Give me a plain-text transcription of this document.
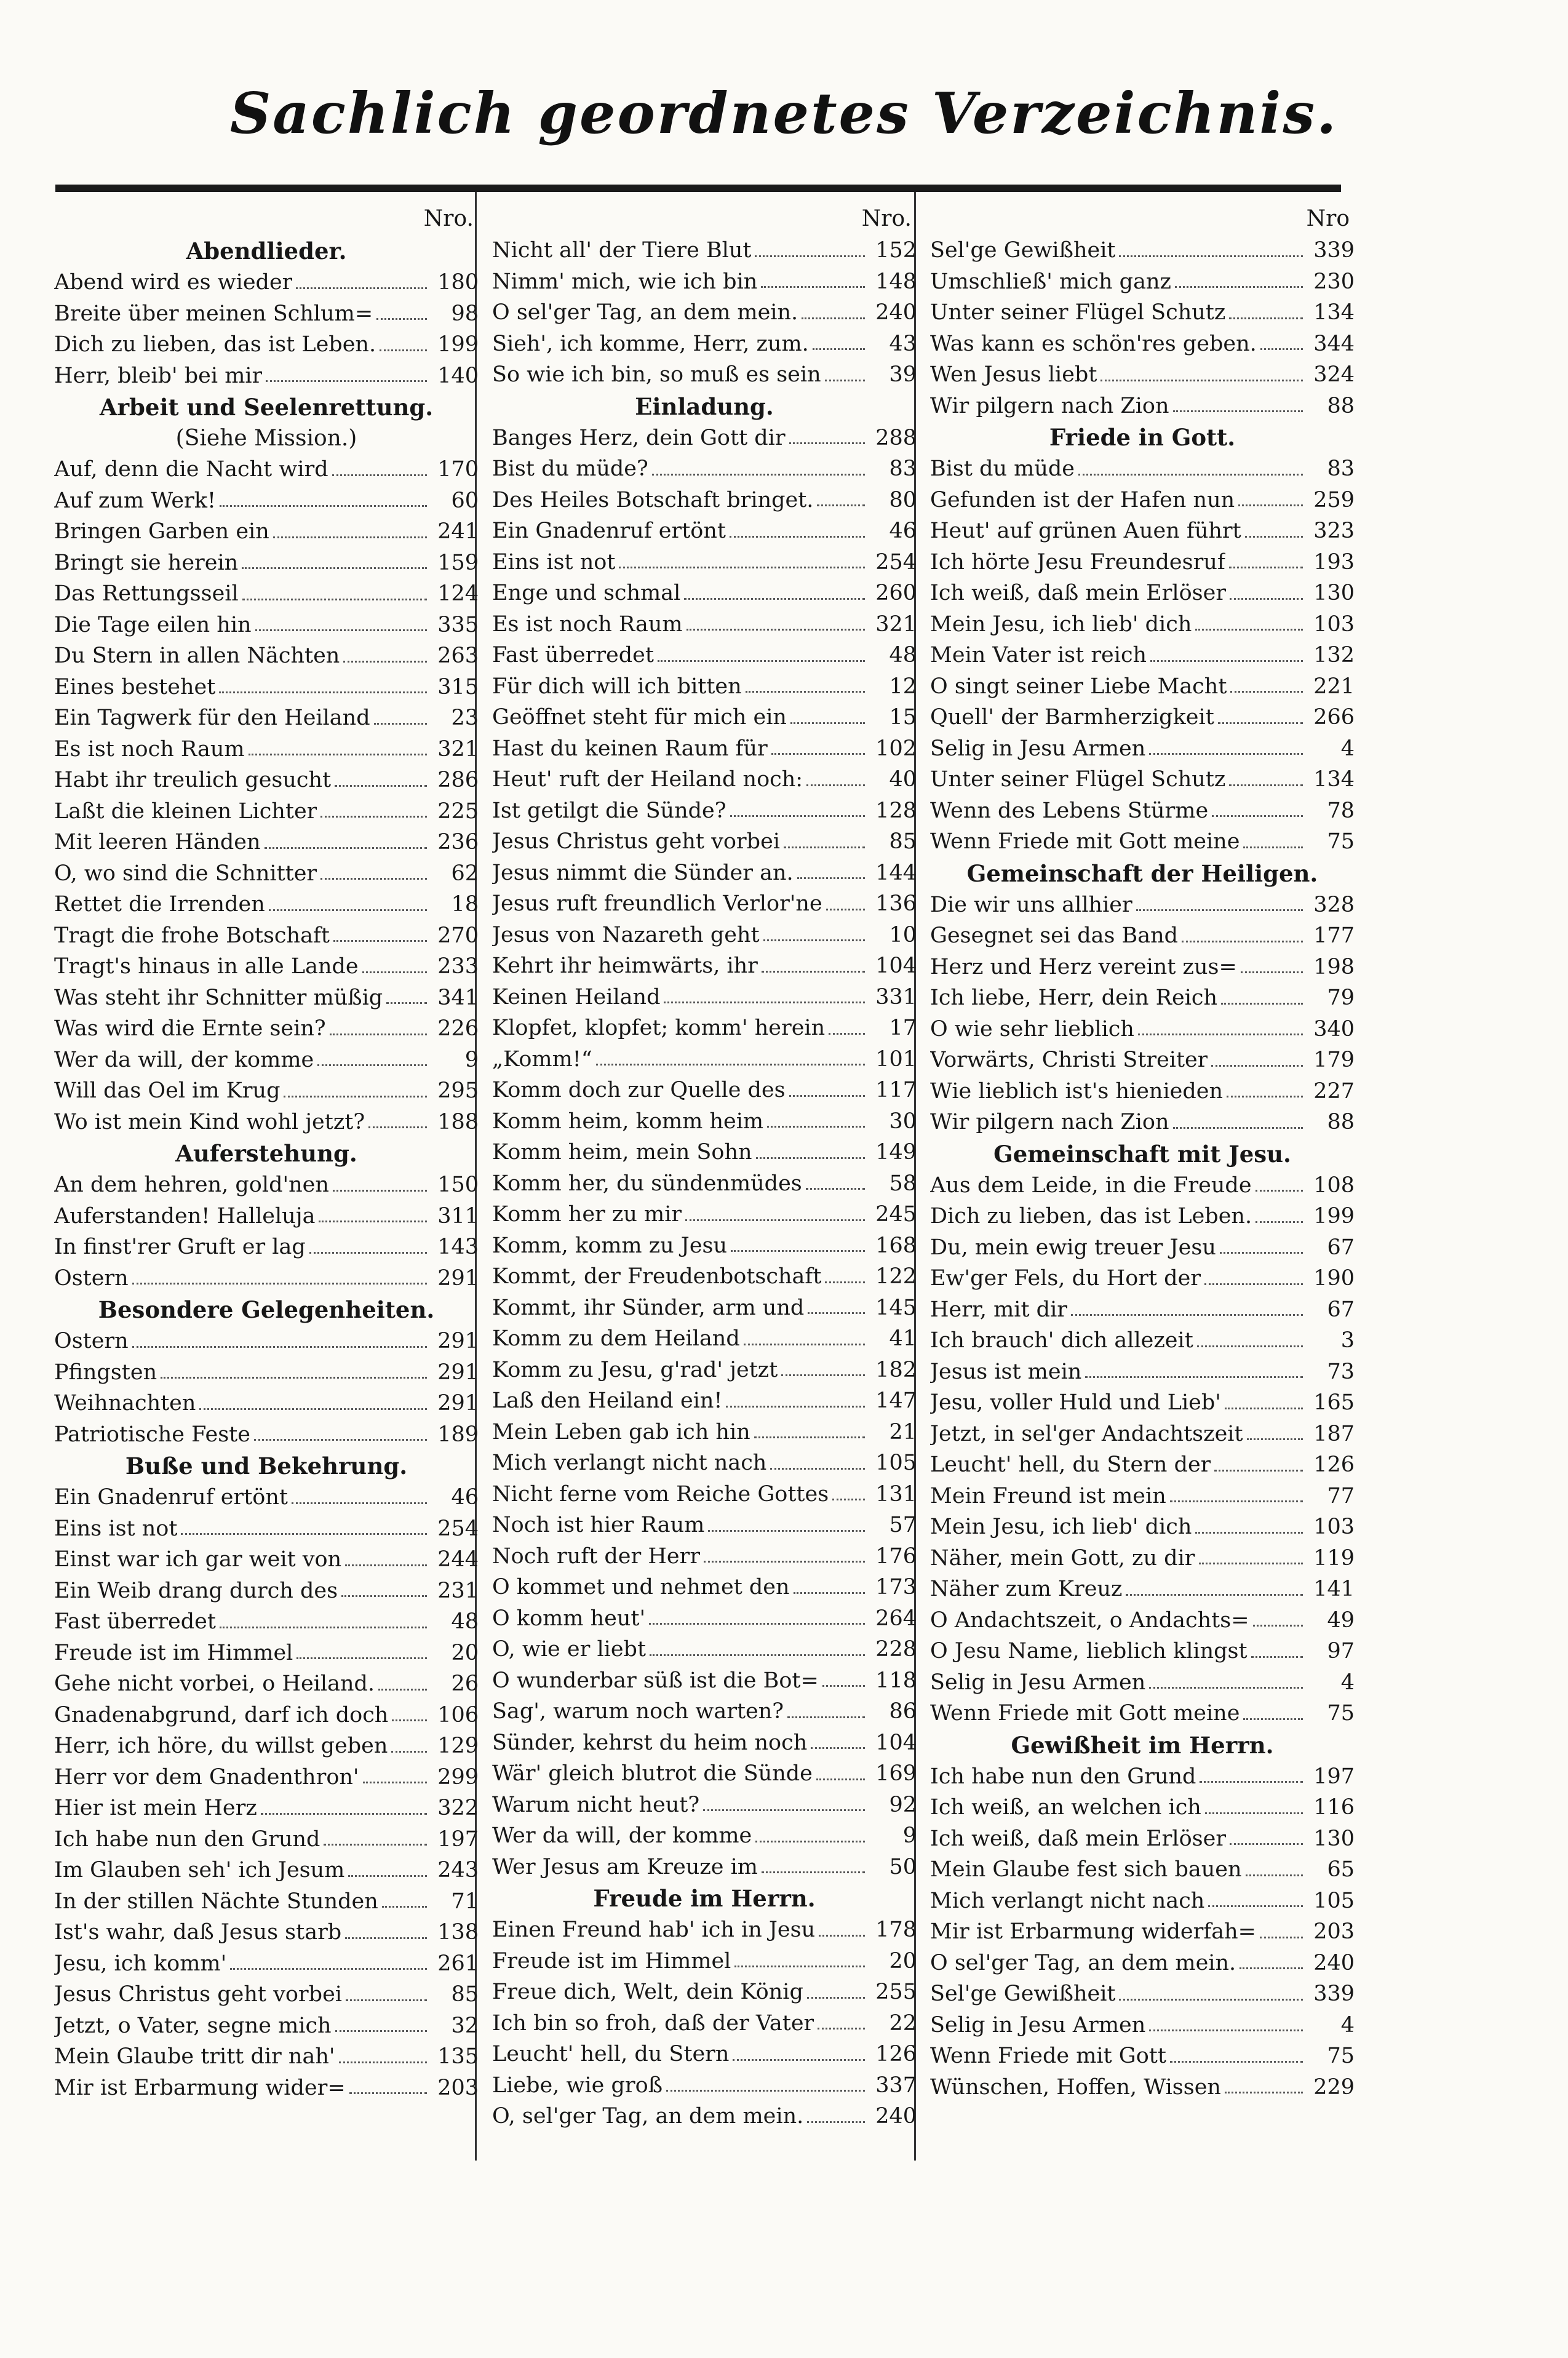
Sachlich geordnetes Verzeichnis.
Nro.
Abendlieder.
Abend wird es wieder	180
Breite über meinen Schlum=	98
Dich zu lieben, das ist Leben.	199
Herr, bleib' bei mir	140
Arbeit und Seelenrettung.
(Siehe Mission.)
Auf, denn die Nacht wird	170
Auf zum Werk!	60
Bringen Garben ein	241
Bringt sie herein	159
Das Rettungsseil	124
Die Tage eilen hin	335
Du Stern in allen Nächten	263
Eines bestehet	315
Ein Tagwerk für den Heiland	23
Es ist noch Raum	321
Habt ihr treulich gesucht	286
Laßt die kleinen Lichter	225
Mit leeren Händen	236
O, wo sind die Schnitter	62
Rettet die Irrenden	18
Tragt die frohe Botschaft	270
Tragt's hinaus in alle Lande	233
Was steht ihr Schnitter müßig	341
Was wird die Ernte sein?	226
Wer da will, der komme	9
Will das Oel im Krug	295
Wo ist mein Kind wohl jetzt?	188
Auferstehung.
An dem hehren, gold'nen	150
Auferstanden! Halleluja	311
In finst'rer Gruft er lag	143
Ostern	291
Besondere Gelegenheiten.
Ostern	291
Pfingsten	291
Weihnachten	291
Patriotische Feste	189
Buße und Bekehrung.
Ein Gnadenruf ertönt	46
Eins ist not	254
Einst war ich gar weit von	244
Ein Weib drang durch des	231
Fast überredet	48
Freude ist im Himmel	20
Gehe nicht vorbei, o Heiland.	26
Gnadenabgrund, darf ich doch	106
Herr, ich höre, du willst geben	129
Herr vor dem Gnadenthron'	299
Hier ist mein Herz	322
Ich habe nun den Grund	197
Im Glauben seh' ich Jesum	243
In der stillen Nächte Stunden	71
Ist's wahr, daß Jesus starb	138
Jesu, ich komm'	261
Jesus Christus geht vorbei	85
Jetzt, o Vater, segne mich	32
Mein Glaube tritt dir nah'	135
Mir ist Erbarmung wider=	203
Nro.
Nicht all' der Tiere Blut	152
Nimm' mich, wie ich bin	148
O sel'ger Tag, an dem mein.	240
Sieh', ich komme, Herr, zum.	43
So wie ich bin, so muß es sein	39
Einladung.
Banges Herz, dein Gott dir	288
Bist du müde?	83
Des Heiles Botschaft bringet.	80
Ein Gnadenruf ertönt	46
Eins ist not	254
Enge und schmal	260
Es ist noch Raum	321
Fast überredet	48
Für dich will ich bitten	12
Geöffnet steht für mich ein	15
Hast du keinen Raum für	102
Heut' ruft der Heiland noch:	40
Ist getilgt die Sünde?	128
Jesus Christus geht vorbei	85
Jesus nimmt die Sünder an.	144
Jesus ruft freundlich Verlor'ne	136
Jesus von Nazareth geht	10
Kehrt ihr heimwärts, ihr	104
Keinen Heiland	331
Klopfet, klopfet; komm' herein	17
„Komm!“	101
Komm doch zur Quelle des	117
Komm heim, komm heim	30
Komm heim, mein Sohn	149
Komm her, du sündenmüdes	58
Komm her zu mir	245
Komm, komm zu Jesu	168
Kommt, der Freudenbotschaft	122
Kommt, ihr Sünder, arm und	145
Komm zu dem Heiland	41
Komm zu Jesu, g'rad' jetzt	182
Laß den Heiland ein!	147
Mein Leben gab ich hin	21
Mich verlangt nicht nach	105
Nicht ferne vom Reiche Gottes	131
Noch ist hier Raum	57
Noch ruft der Herr	176
O kommet und nehmet den	173
O komm heut'	264
O, wie er liebt	228
O wunderbar süß ist die Bot=	118
Sag', warum noch warten?	86
Sünder, kehrst du heim noch	104
Wär' gleich blutrot die Sünde	169
Warum nicht heut?	92
Wer da will, der komme	9
Wer Jesus am Kreuze im	50
Freude im Herrn.
Einen Freund hab' ich in Jesu	178
Freude ist im Himmel	20
Freue dich, Welt, dein König	255
Ich bin so froh, daß der Vater	22
Leucht' hell, du Stern	126
Liebe, wie groß	337
O, sel'ger Tag, an dem mein.	240
Nro
Sel'ge Gewißheit	339
Umschließ' mich ganz	230
Unter seiner Flügel Schutz	134
Was kann es schön'res geben.	344
Wen Jesus liebt	324
Wir pilgern nach Zion	88
Friede in Gott.
Bist du müde	83
Gefunden ist der Hafen nun	259
Heut' auf grünen Auen führt	323
Ich hörte Jesu Freundesruf	193
Ich weiß, daß mein Erlöser	130
Mein Jesu, ich lieb' dich	103
Mein Vater ist reich	132
O singt seiner Liebe Macht	221
Quell' der Barmherzigkeit	266
Selig in Jesu Armen	4
Unter seiner Flügel Schutz	134
Wenn des Lebens Stürme	78
Wenn Friede mit Gott meine	75
Gemeinschaft der Heiligen.
Die wir uns allhier	328
Gesegnet sei das Band	177
Herz und Herz vereint zus=	198
Ich liebe, Herr, dein Reich	79
O wie sehr lieblich	340
Vorwärts, Christi Streiter	179
Wie lieblich ist's hienieden	227
Wir pilgern nach Zion	88
Gemeinschaft mit Jesu.
Aus dem Leide, in die Freude	108
Dich zu lieben, das ist Leben.	199
Du, mein ewig treuer Jesu	67
Ew'ger Fels, du Hort der	190
Herr, mit dir	67
Ich brauch' dich allezeit	3
Jesus ist mein	73
Jesu, voller Huld und Lieb'	165
Jetzt, in sel'ger Andachtszeit	187
Leucht' hell, du Stern der	126
Mein Freund ist mein	77
Mein Jesu, ich lieb' dich	103
Näher, mein Gott, zu dir	119
Näher zum Kreuz	141
O Andachtszeit, o Andachts=	49
O Jesu Name, lieblich klingst	97
Selig in Jesu Armen	4
Wenn Friede mit Gott meine	75
Gewißheit im Herrn.
Ich habe nun den Grund	197
Ich weiß, an welchen ich	116
Ich weiß, daß mein Erlöser	130
Mein Glaube fest sich bauen	65
Mich verlangt nicht nach	105
Mir ist Erbarmung widerfah=	203
O sel'ger Tag, an dem mein.	240
Sel'ge Gewißheit	339
Selig in Jesu Armen	4
Wenn Friede mit Gott	75
Wünschen, Hoffen, Wissen	229
